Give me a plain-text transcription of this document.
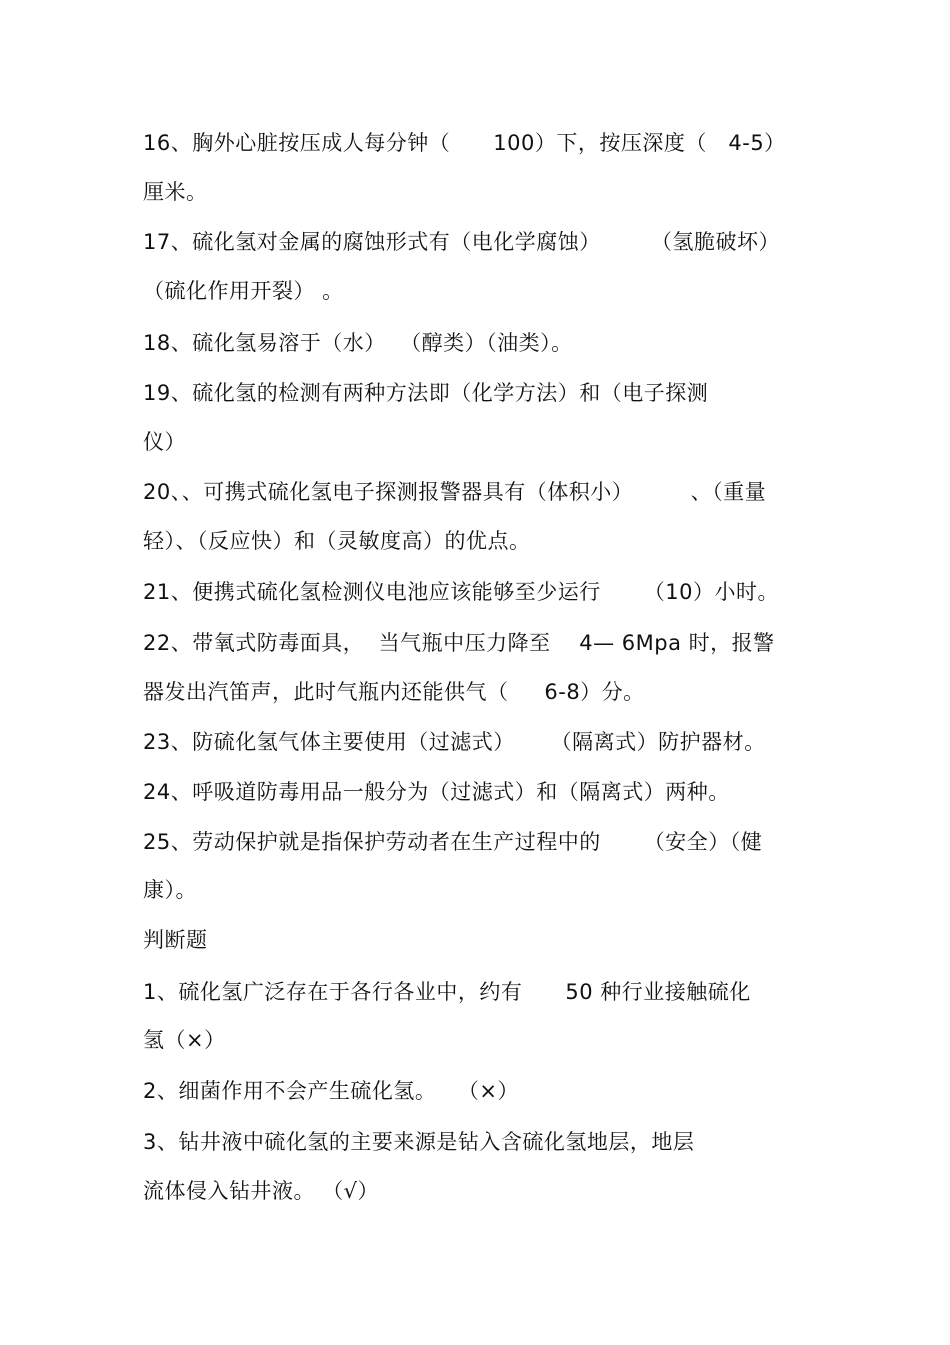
16、胸外心脏按压成人每分钟（      100）下，按压深度（   4-5）
厘米。
17、硫化氢对金属的腐蚀形式有（电化学腐蚀）       （氢脆破坏）
（硫化作用开裂） 。
18、硫化氢易溶于（水）  （醇类）（油类）。
19、硫化氢的检测有两种方法即（化学方法）和（电子探测
仪）
20、、可携式硫化氢电子探测报警器具有（体积小）        、（重量
轻）、（反应快）和（灵敏度高）的优点。
21、便携式硫化氢检测仪电池应该能够至少运行      （10）小时。
22、带氧式防毒面具，  当气瓶中压力降至    4— 6Mpa 时，报警
器发出汽笛声，此时气瓶内还能供气（     6-8）分。
23、防硫化氢气体主要使用（过滤式）     （隔离式）防护器材。
24、呼吸道防毒用品一般分为（过滤式）和（隔离式）两种。
25、劳动保护就是指保护劳动者在生产过程中的      （安全）（健
康）。
判断题
1、硫化氢广泛存在于各行各业中，约有      50 种行业接触硫化
氢（×）
2、细菌作用不会产生硫化氢。   （×）
3、钻井液中硫化氢的主要来源是钻入含硫化氢地层，地层
流体侵入钻井液。 （√）
